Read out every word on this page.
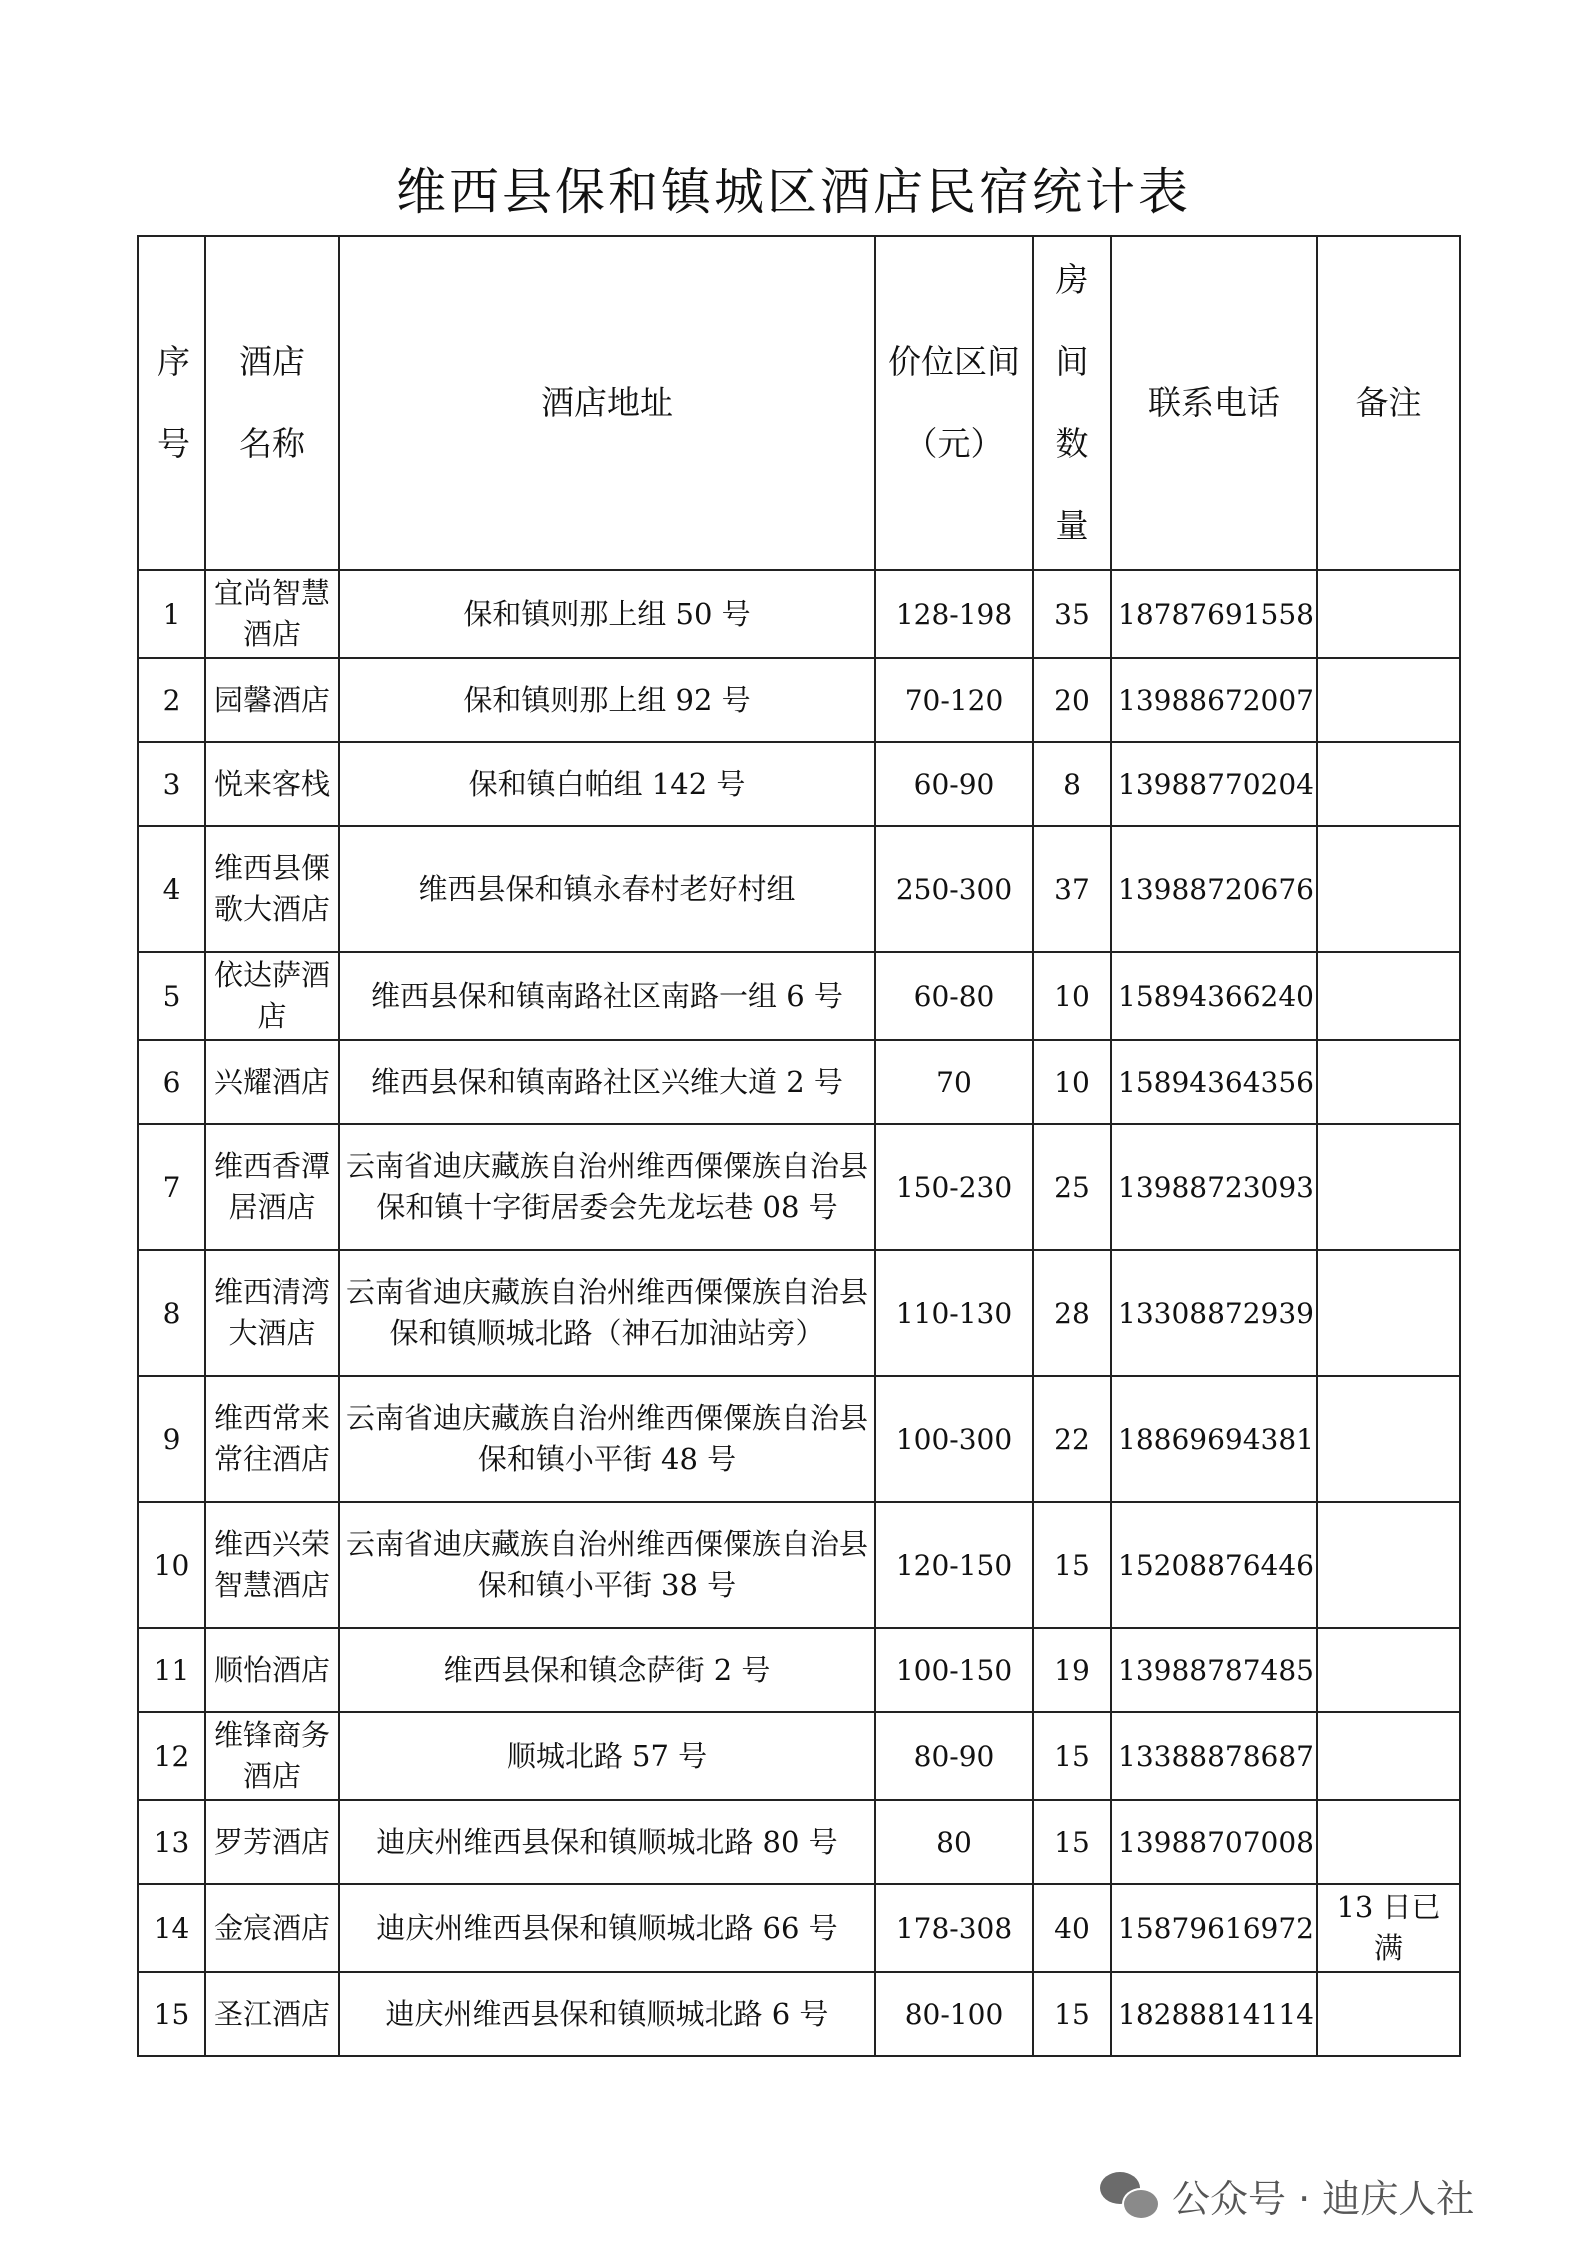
维西县保和镇城区酒店民宿统计表
序号	酒店名称	酒店地址	价位区间（元）	房间数量	联系电话	备注
1	宜尚智慧酒店	保和镇则那上组 50 号	128-198	35	18787691558	
2	园馨酒店	保和镇则那上组 92 号	70-120	20	13988672007	
3	悦来客栈	保和镇白帕组 142 号	60-90	8	13988770204	
4	维西县傈歌大酒店	维西县保和镇永春村老好村组	250-300	37	13988720676	
5	依达萨酒店	维西县保和镇南路社区南路一组 6 号	60-80	10	15894366240	
6	兴耀酒店	维西县保和镇南路社区兴维大道 2 号	70	10	15894364356	
7	维西香潭居酒店	云南省迪庆藏族自治州维西傈僳族自治县保和镇十字街居委会先龙坛巷 08 号	150-230	25	13988723093	
8	维西清湾大酒店	云南省迪庆藏族自治州维西傈僳族自治县保和镇顺城北路（神石加油站旁）	110-130	28	13308872939	
9	维西常来常往酒店	云南省迪庆藏族自治州维西傈僳族自治县保和镇小平街 48 号	100-300	22	18869694381	
10	维西兴荣智慧酒店	云南省迪庆藏族自治州维西傈僳族自治县保和镇小平街 38 号	120-150	15	15208876446	
11	顺怡酒店	维西县保和镇念萨街 2 号	100-150	19	13988787485	
12	维锋商务酒店	顺城北路 57 号	80-90	15	13388878687	
13	罗芳酒店	迪庆州维西县保和镇顺城北路 80 号	80	15	13988707008	
14	金宸酒店	迪庆州维西县保和镇顺城北路 66 号	178-308	40	15879616972	13 日已满
15	圣江酒店	迪庆州维西县保和镇顺城北路 6 号	80-100	15	18288814114	
公众号 · 迪庆人社
